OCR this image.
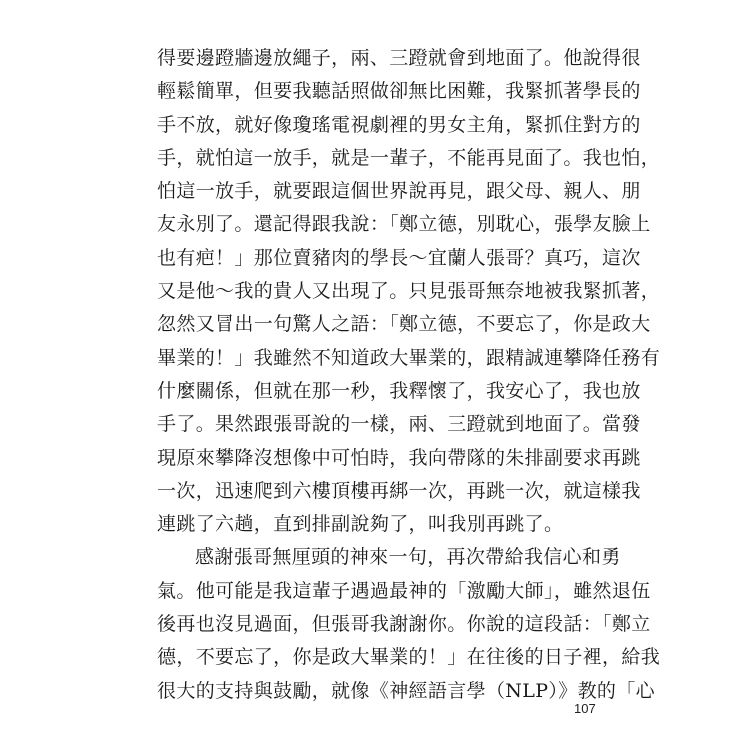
得要邊蹬牆邊放繩子，兩、三蹬就會到地面了。他說得很
輕鬆簡單，但要我聽話照做卻無比困難，我緊抓著學長的
手不放，就好像瓊瑤電視劇裡的男女主角，緊抓住對方的
手，就怕這一放手，就是一輩子，不能再見面了。我也怕，
怕這一放手，就要跟這個世界說再見，跟父母、親人、朋
友永別了。還記得跟我說：「鄭立德，別耽心，張學友臉上
也有疤！」那位賣豬肉的學長～宜蘭人張哥？真巧，這次
又是他～我的貴人又出現了。只見張哥無奈地被我緊抓著，
忽然又冒出一句驚人之語：「鄭立德，不要忘了，你是政大
畢業的！」我雖然不知道政大畢業的，跟精誠連攀降任務有
什麼關係，但就在那一秒，我釋懷了，我安心了，我也放
手了。果然跟張哥說的一樣，兩、三蹬就到地面了。當發
現原來攀降沒想像中可怕時，我向帶隊的朱排副要求再跳
一次，迅速爬到六樓頂樓再綁一次，再跳一次，就這樣我
連跳了六趟，直到排副說夠了，叫我別再跳了。
感謝張哥無厘頭的神來一句，再次帶給我信心和勇
氣。他可能是我這輩子遇過最神的「激勵大師」，雖然退伍
後再也沒見過面，但張哥我謝謝你。你說的這段話：「鄭立
德，不要忘了，你是政大畢業的！」在往後的日子裡，給我
很大的支持與鼓勵，就像《神經語言學（NLP）》教的「心
107
